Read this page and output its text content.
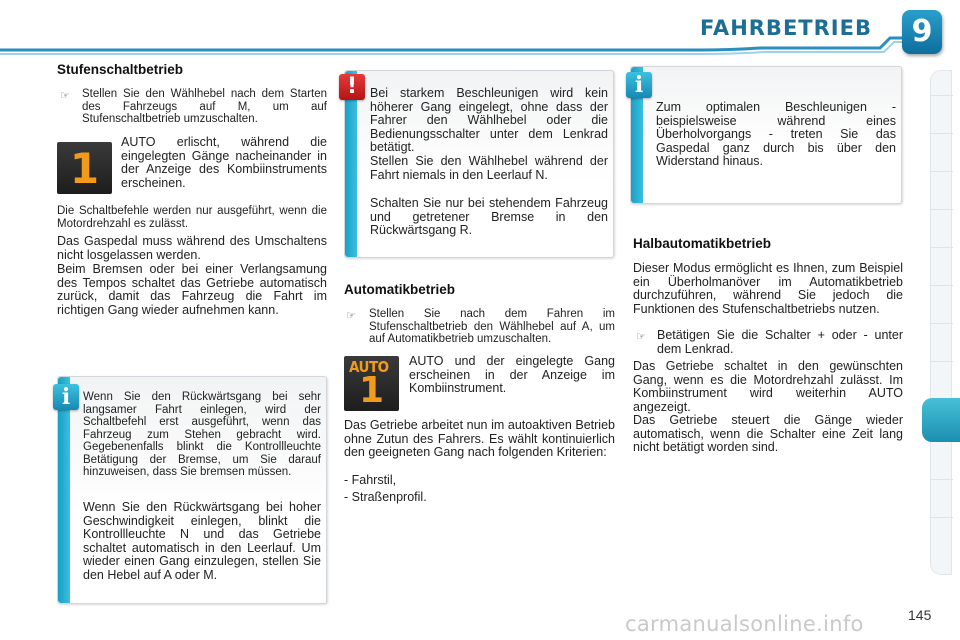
FAHRBETRIEB	9
Stufenschaltbetrieb
☞ Stellen Sie den Wählhebel nach dem Starten des Fahrzeugs auf M, um auf Stufenschaltbetrieb umzuschalten.
1
AUTO erlischt, während die eingelegten Gänge nacheinander in der Anzeige des Kombiinstruments erscheinen.
Die Schaltbefehle werden nur ausgeführt, wenn die Motordrehzahl es zulässt.
Das Gaspedal muss während des Umschaltens nicht losgelassen werden.
Beim Bremsen oder bei einer Verlangsamung des Tempos schaltet das Getriebe automatisch zurück, damit das Fahrzeug die Fahrt im richtigen Gang wieder aufnehmen kann.
Wenn Sie den Rückwärtsgang bei sehr langsamer Fahrt einlegen, wird der Schaltbefehl erst ausgeführt, wenn das Fahrzeug zum Stehen gebracht wird. Gegebenenfalls blinkt die Kontrollleuchte Betätigung der Bremse, um Sie darauf hinzuweisen, dass Sie bremsen müssen.
Wenn Sie den Rückwärtsgang bei hoher Geschwindigkeit einlegen, blinkt die Kontrollleuchte N und das Getriebe schaltet automatisch in den Leerlauf. Um wieder einen Gang einzulegen, stellen Sie den Hebel auf A oder M.
i
Bei starkem Beschleunigen wird kein höherer Gang eingelegt, ohne dass der Fahrer den Wählhebel oder die Bedienungsschalter unter dem Lenkrad betätigt.
Stellen Sie den Wählhebel während der Fahrt niemals in den Leerlauf N.
Schalten Sie nur bei stehendem Fahrzeug und getretener Bremse in den Rückwärtsgang R.
!
Automatikbetrieb
☞ Stellen Sie nach dem Fahren im Stufenschaltbetrieb den Wählhebel auf A, um auf Automatikbetrieb umzuschalten.
AUTO
1
AUTO und der eingelegte Gang erscheinen in der Anzeige im Kombiinstrument.
Das Getriebe arbeitet nun im autoaktiven Betrieb ohne Zutun des Fahrers. Es wählt kontinuierlich den geeigneten Gang nach folgenden Kriterien:
- Fahrstil,
- Straßenprofil.
Zum optimalen Beschleunigen - beispielsweise während eines Überholvorgangs - treten Sie das Gaspedal ganz durch bis über den Widerstand hinaus.
i
Halbautomatikbetrieb
Dieser Modus ermöglicht es Ihnen, zum Beispiel ein Überholmanöver im Automatikbetrieb durchzuführen, während Sie jedoch die Funktionen des Stufenschaltbetriebs nutzen.
☞ Betätigen Sie die Schalter + oder - unter dem Lenkrad.
Das Getriebe schaltet in den gewünschten Gang, wenn es die Motordrehzahl zulässt. Im Kombiinstrument wird weiterhin AUTO angezeigt.
Das Getriebe steuert die Gänge wieder automatisch, wenn die Schalter eine Zeit lang nicht betätigt worden sind.
carmanualsonline.info	145
